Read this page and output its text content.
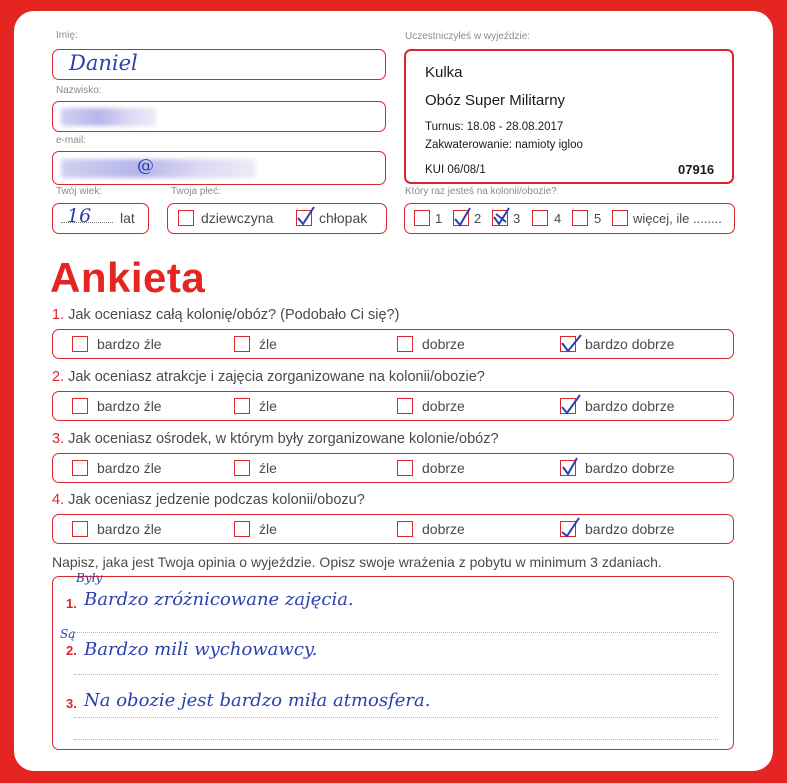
Imię:
Daniel
Nazwisko:
e-mail:
@
Twój wiek:
16 lat
Twoja płeć:
dziewczyna	chłopak
Uczestniczyłeś w wyjeździe:
Kulka
Obóz Super Militarny
Turnus: 18.08 - 28.08.2017
Zakwaterowanie: namioty igloo
KUI 06/08/1	07916
Który raz jesteś na kolonii/obozie?
1 2 3	4	5 więcej, ile ........
Ankieta
1. Jak oceniasz całą kolonię/obóz? (Podobało Ci się?)
bardzo źle	źle	dobrze	bardzo dobrze
2. Jak oceniasz atrakcje i zajęcia zorganizowane na kolonii/obozie?
bardzo źle	źle	dobrze	bardzo dobrze
3. Jak oceniasz ośrodek, w którym były zorganizowane kolonie/obóz?
bardzo źle	źle	dobrze	bardzo dobrze
4. Jak oceniasz jedzenie podczas kolonii/obozu?
bardzo źle	źle	dobrze	bardzo dobrze
Napisz, jaka jest Twoja opinia o wyjeździe. Opisz swoje wrażenia z pobytu w minimum 3 zdaniach.
1.
Były
Bardzo zróżnicowane zajęcia.
2.
Są
Bardzo mili wychowawcy.
3. Na obozie jest bardzo miła atmosfera.
